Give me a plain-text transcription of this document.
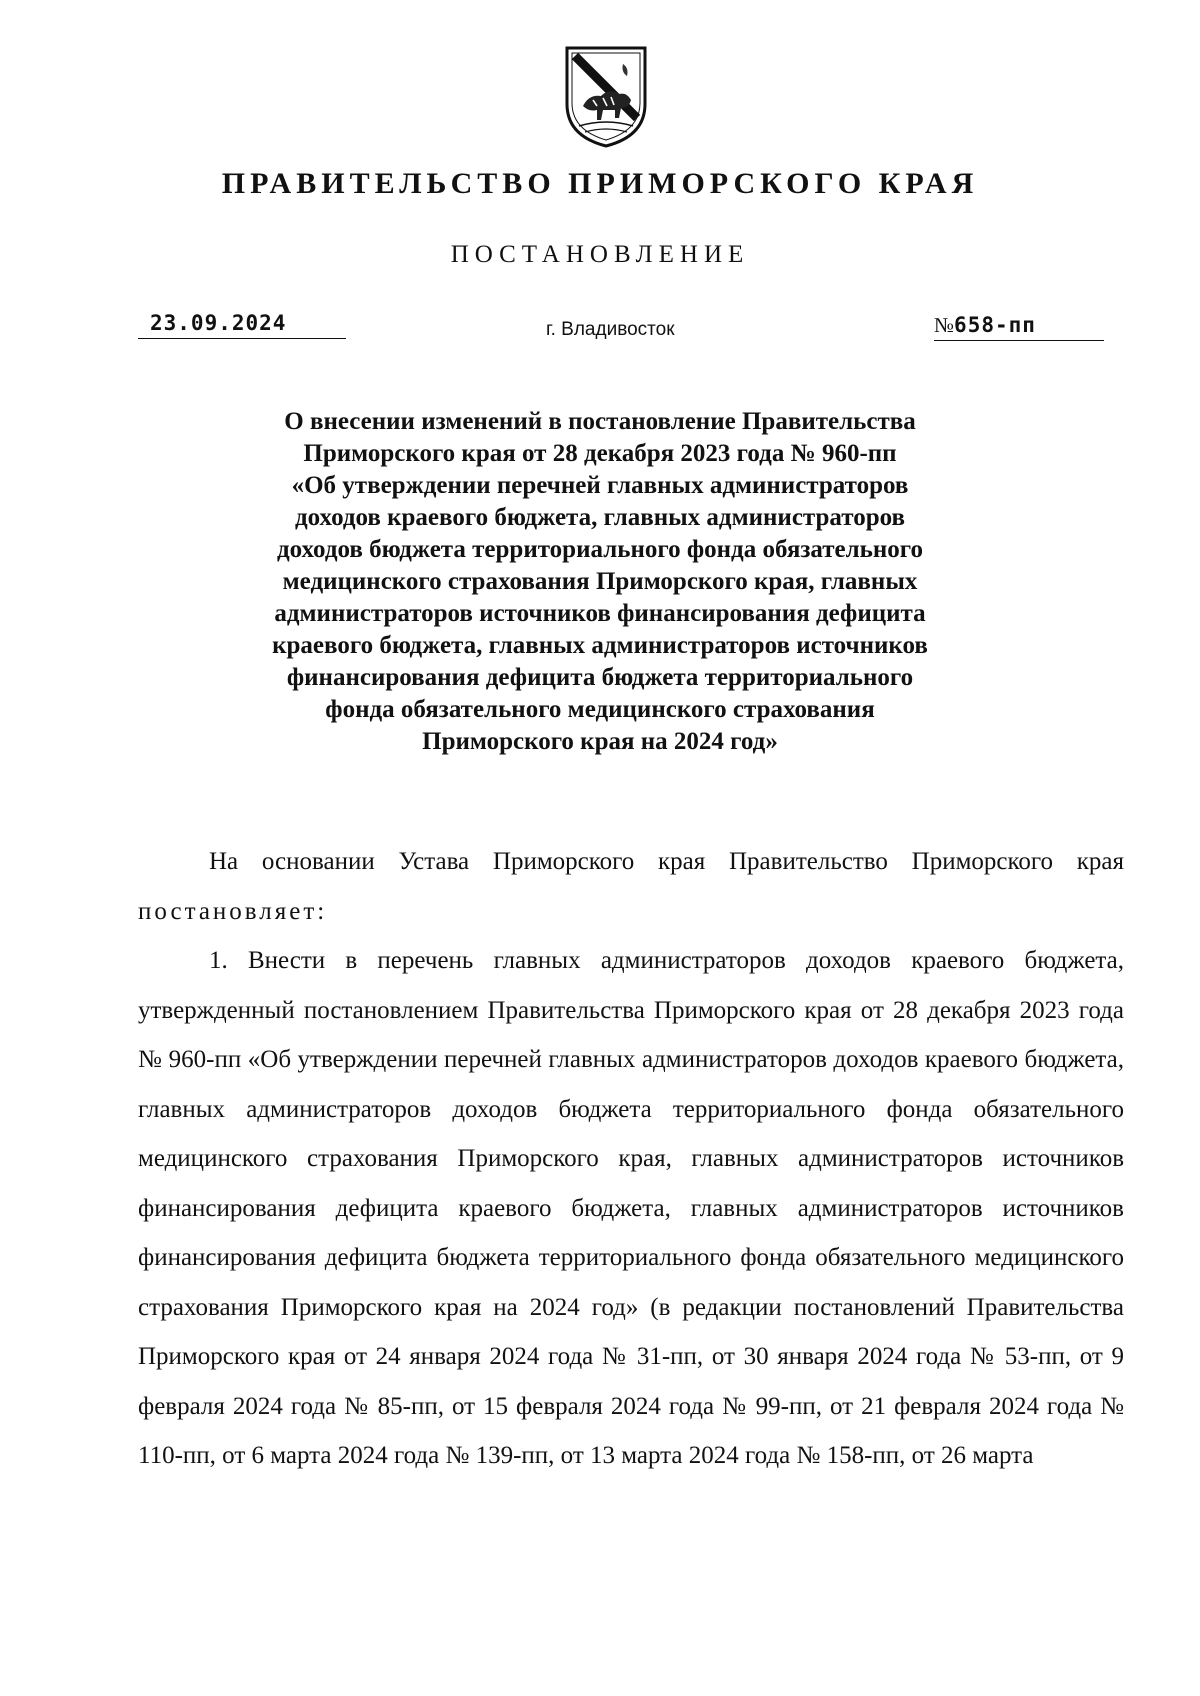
ПРАВИТЕЛЬСТВО ПРИМОРСКОГО КРАЯ
ПОСТАНОВЛЕНИЕ
23.09.2024	г. Владивосток	№658-пп
О внесении изменений в постановление Правительства
Приморского края от 28 декабря 2023 года № 960-пп
«Об утверждении перечней главных администраторов
доходов краевого бюджета, главных администраторов
доходов бюджета территориального фонда обязательного
медицинского страхования Приморского края, главных
администраторов источников финансирования дефицита
краевого бюджета, главных администраторов источников
финансирования дефицита бюджета территориального
фонда обязательного медицинского страхования
Приморского края на 2024 год»

На основании Устава Приморского края Правительство Приморского края постановляет:

1. Внести в перечень главных администраторов доходов краевого бюджета, утвержденный постановлением Правительства Приморского края от 28 декабря 2023 года № 960-пп «Об утверждении перечней главных администраторов доходов краевого бюджета, главных администраторов доходов бюджета территориального фонда обязательного медицинского страхования Приморского края, главных администраторов источников финансирования дефицита краевого бюджета, главных администраторов источников финансирования дефицита бюджета территориального фонда обязательного медицинского страхования Приморского края на 2024 год» (в редакции постановлений Правительства Приморского края от 24 января 2024 года № 31-пп, от 30 января 2024 года № 53-пп, от 9 февраля 2024 года № 85-пп, от 15 февраля 2024 года № 99-пп, от 21 февраля 2024 года № 110-пп, от 6 марта 2024 года № 139-пп, от 13 марта 2024 года № 158-пп, от 26 марта
